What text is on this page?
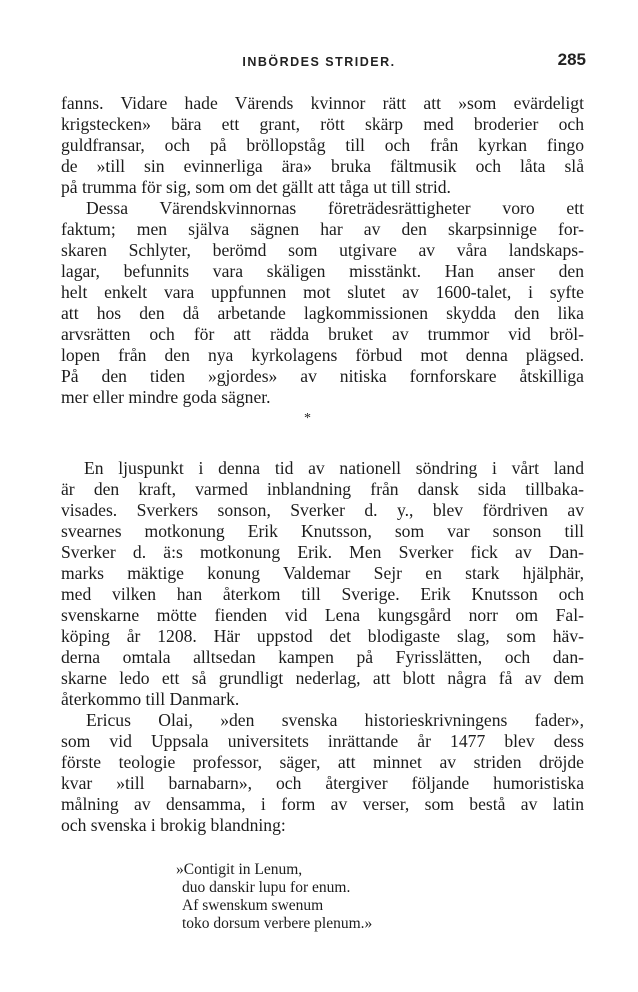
INBÖRDES STRIDER.	285
fanns. Vidare hade Värends kvinnor rätt att »som evärdeligt
krigstecken» bära ett grant, rött skärp med broderier och
guldfransar, och på bröllopståg till och från kyrkan fingo
de »till sin evinnerliga ära» bruka fältmusik och låta slå
på trumma för sig, som om det gällt att tåga ut till strid.
Dessa Värendskvinnornas företrädesrättigheter voro ett
faktum; men själva sägnen har av den skarpsinnige for-
skaren Schlyter, berömd som utgivare av våra landskaps-
lagar, befunnits vara skäligen misstänkt. Han anser den
helt enkelt vara uppfunnen mot slutet av 1600-talet, i syfte
att hos den då arbetande lagkommissionen skydda den lika
arvsrätten och för att rädda bruket av trummor vid bröl-
lopen från den nya kyrkolagens förbud mot denna plägsed.
På den tiden »gjordes» av nitiska fornforskare åtskilliga
mer eller mindre goda sägner.
*
En ljuspunkt i denna tid av nationell söndring i vårt land
är den kraft, varmed inblandning från dansk sida tillbaka-
visades. Sverkers sonson, Sverker d. y., blev fördriven av
svearnes motkonung Erik Knutsson, som var sonson till
Sverker d. ä:s motkonung Erik. Men Sverker fick av Dan-
marks mäktige konung Valdemar Sejr en stark hjälphär,
med vilken han återkom till Sverige. Erik Knutsson och
svenskarne mötte fienden vid Lena kungsgård norr om Fal-
köping år 1208. Här uppstod det blodigaste slag, som häv-
derna omtala alltsedan kampen på Fyrisslätten, och dan-
skarne ledo ett så grundligt nederlag, att blott några få av dem
återkommo till Danmark.
Ericus Olai, »den svenska historieskrivningens fader»,
som vid Uppsala universitets inrättande år 1477 blev dess
förste teologie professor, säger, att minnet av striden dröjde
kvar »till barnabarn», och återgiver följande humoristiska
målning av densamma, i form av verser, som bestå av latin
och svenska i brokig blandning:
»Contigit in Lenum,
duo danskir lupu for enum.
Af swenskum swenum
toko dorsum verbere plenum.»
